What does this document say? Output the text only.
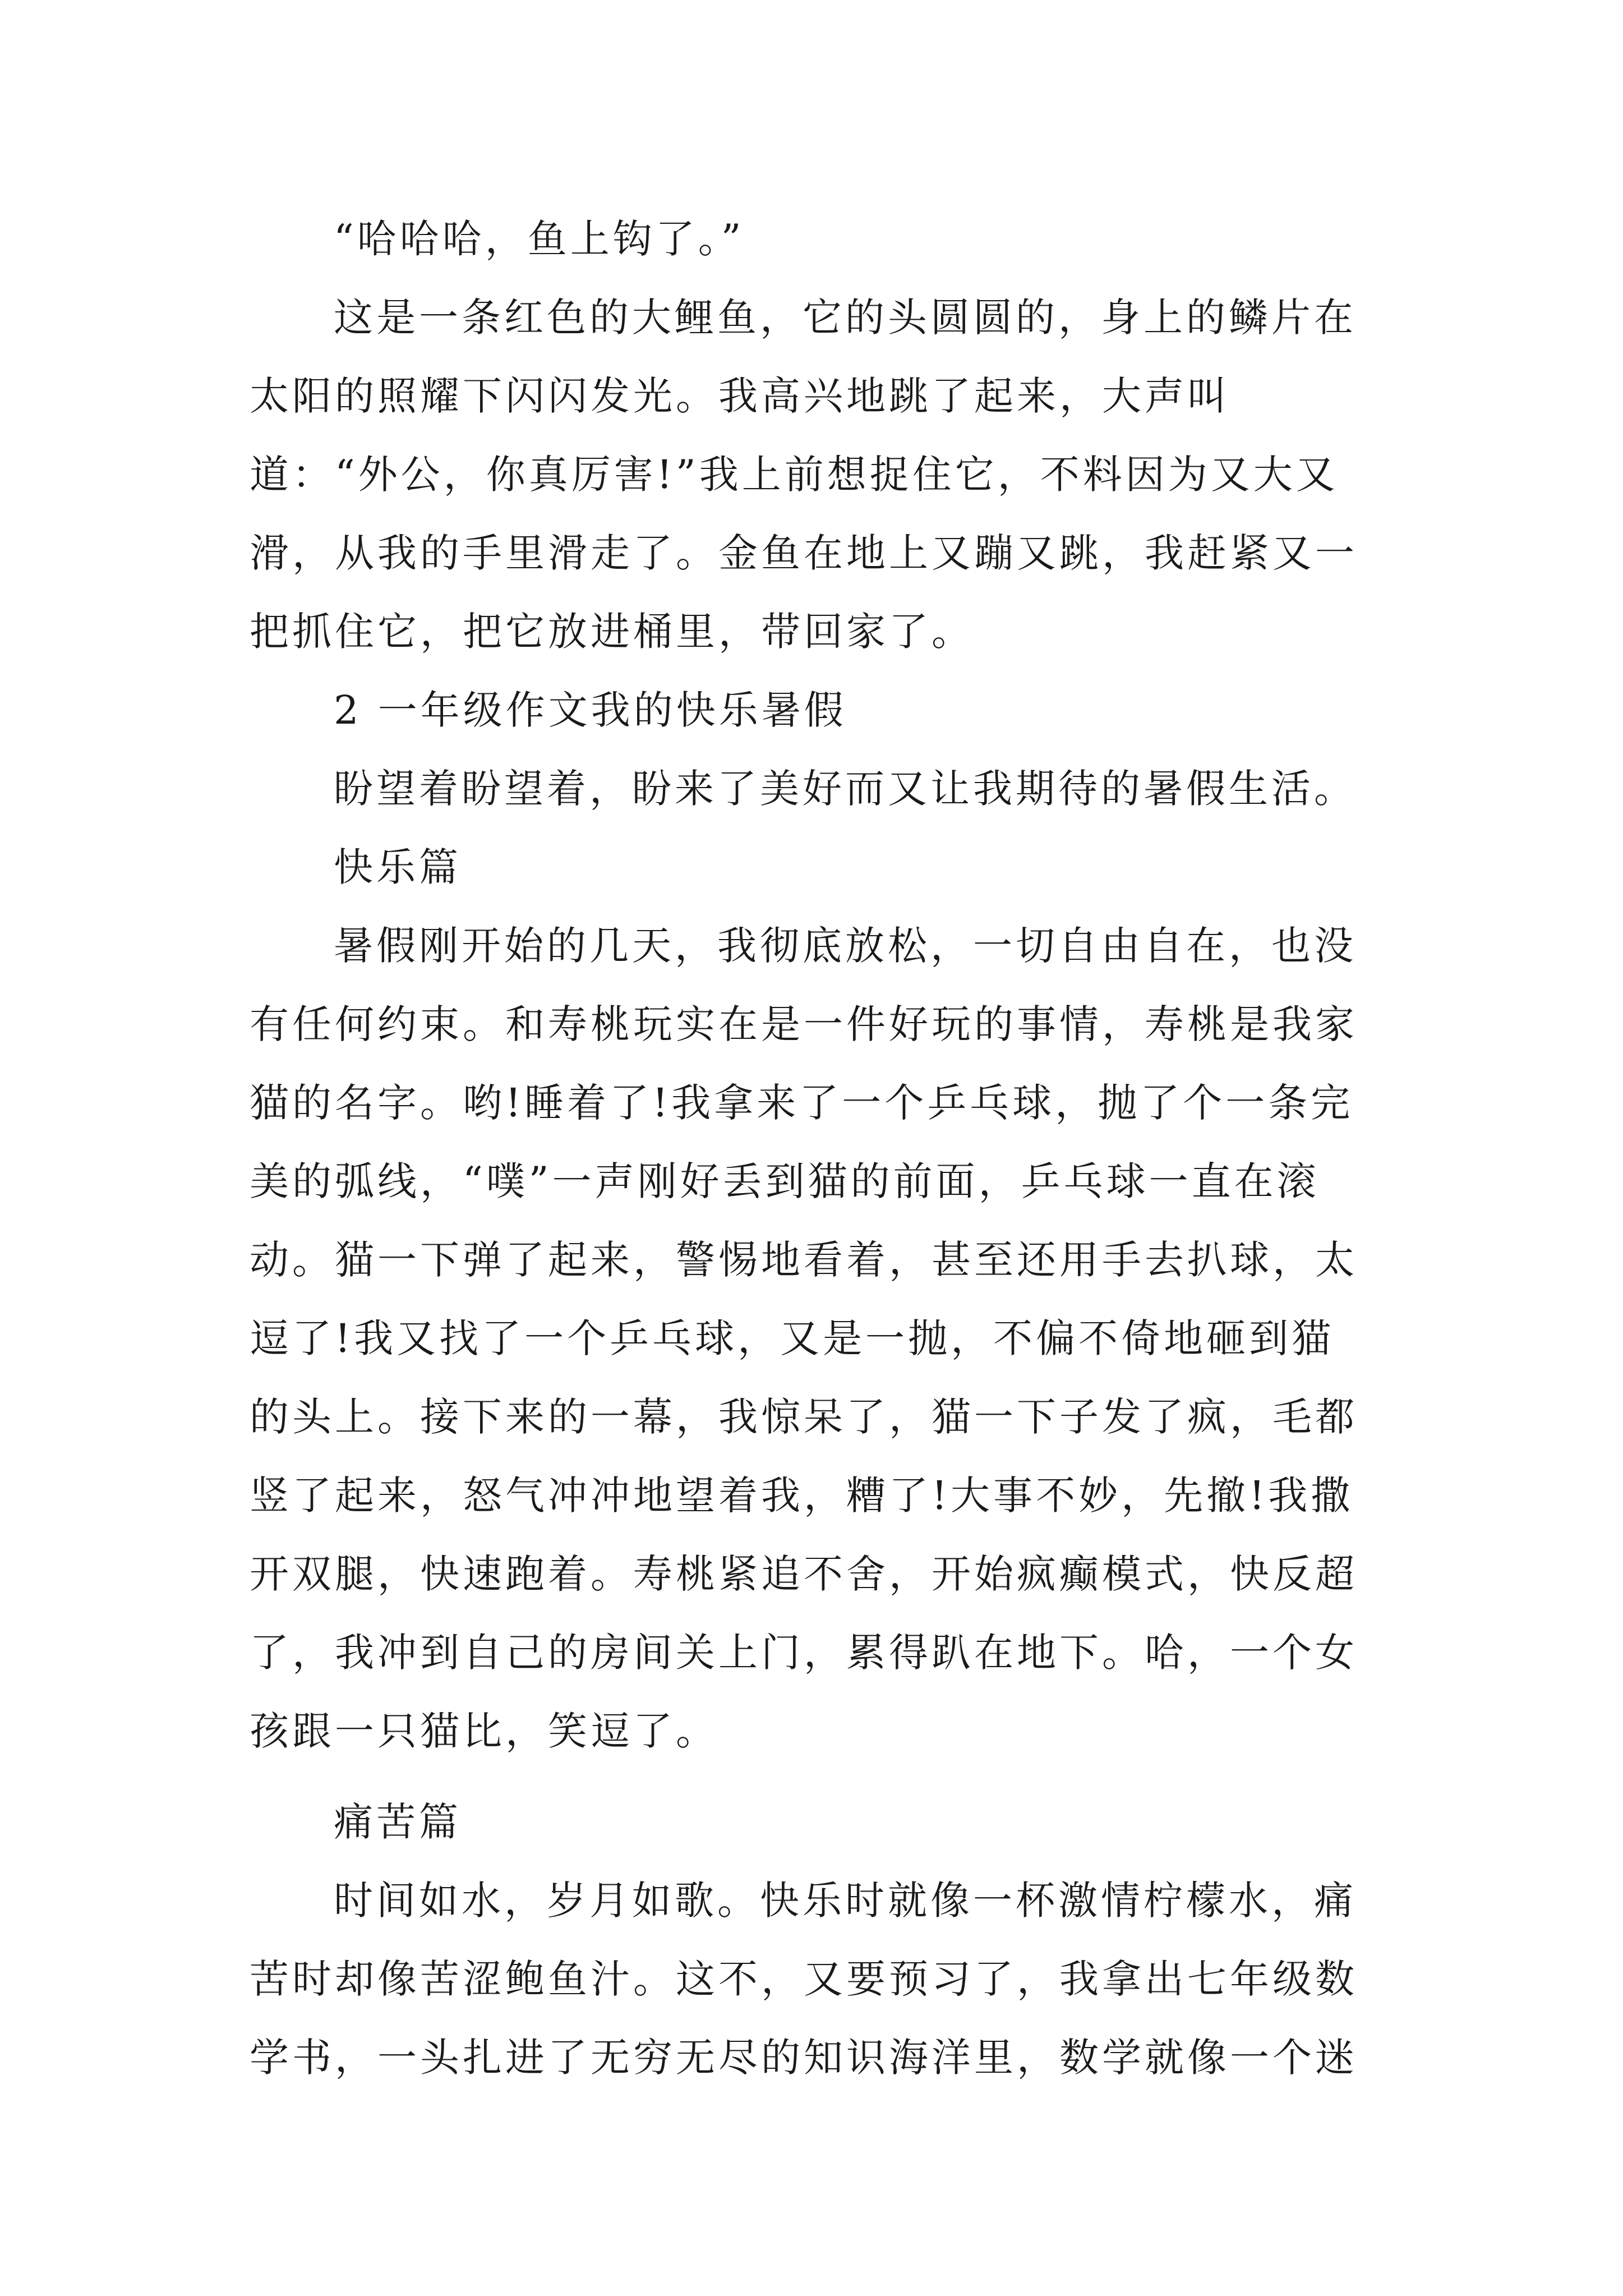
“哈哈哈，鱼上钩了。”

这是一条红色的大鲤鱼，它的头圆圆的，身上的鳞片在太阳的照耀下闪闪发光。我高兴地跳了起来，大声叫道：“外公，你真厉害!”我上前想捉住它，不料因为又大又滑，从我的手里滑走了。金鱼在地上又蹦又跳，我赶紧又一把抓住它，把它放进桶里，带回家了。

2 一年级作文我的快乐暑假

盼望着盼望着，盼来了美好而又让我期待的暑假生活。

快乐篇

暑假刚开始的几天，我彻底放松，一切自由自在，也没有任何约束。和寿桃玩实在是一件好玩的事情，寿桃是我家猫的名字。哟!睡着了!我拿来了一个乒乓球，抛了个一条完美的弧线，“噗”一声刚好丢到猫的前面，乒乓球一直在滚动。猫一下弹了起来，警惕地看着，甚至还用手去扒球，太逗了!我又找了一个乒乓球，又是一抛，不偏不倚地砸到猫的头上。接下来的一幕，我惊呆了，猫一下子发了疯，毛都竖了起来，怒气冲冲地望着我，糟了!大事不妙，先撤!我撒开双腿，快速跑着。寿桃紧追不舍，开始疯癫模式，快反超了，我冲到自己的房间关上门，累得趴在地下。哈，一个女孩跟一只猫比，笑逗了。

痛苦篇

时间如水，岁月如歌。快乐时就像一杯激情柠檬水，痛苦时却像苦涩鲍鱼汁。这不，又要预习了，我拿出七年级数学书，一头扎进了无穷无尽的知识海洋里，数学就像一个迷
